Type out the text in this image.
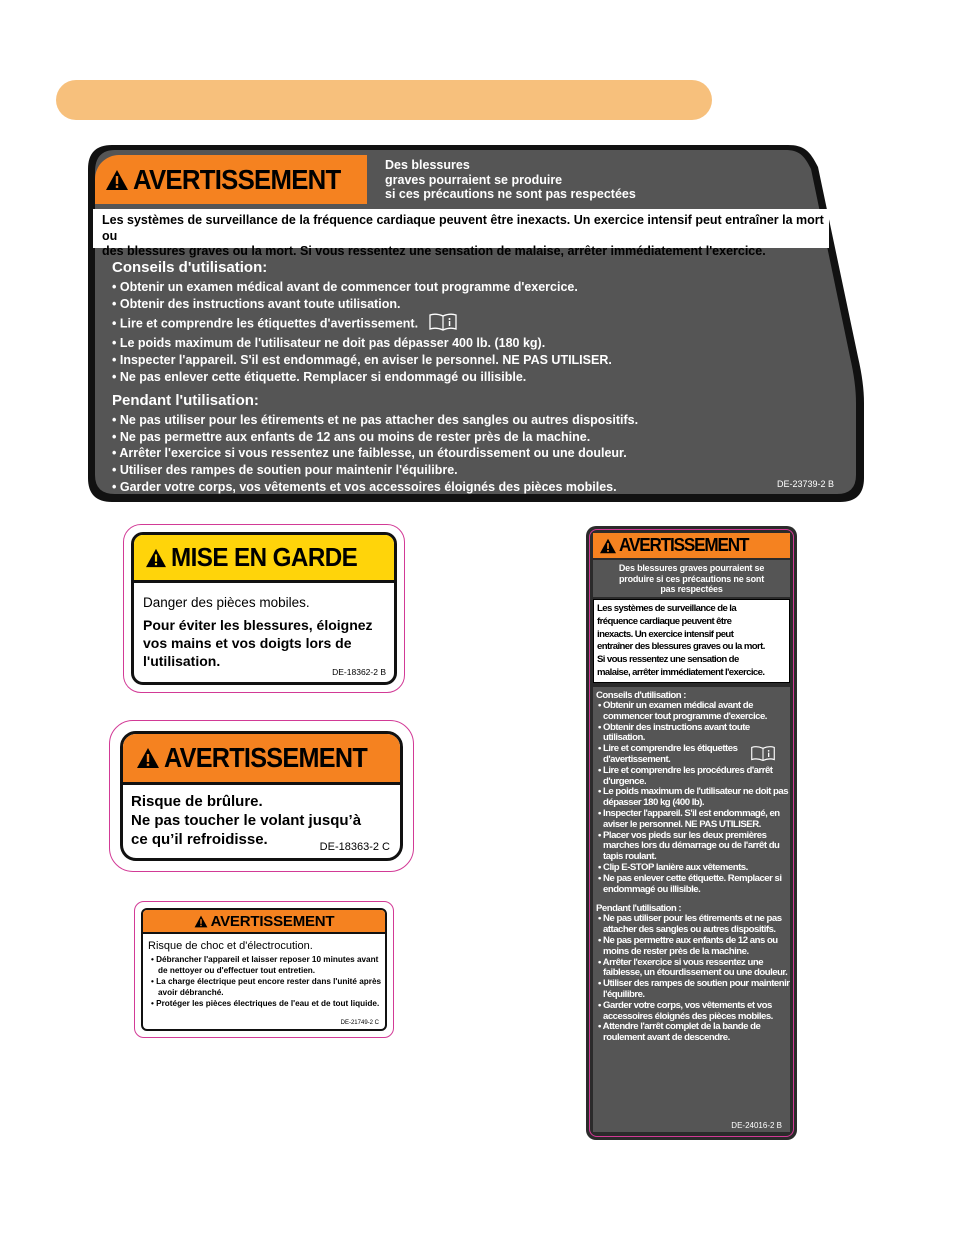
AVERTISSEMENT	Des blessures
graves pourraient se produire
si ces précautions ne sont pas respectées
Les systèmes de surveillance de la fréquence cardiaque peuvent être inexacts. Un exercice intensif peut entraîner la mort ou
des blessures graves ou la mort. Si vous ressentez une sensation de malaise, arrêter immédiatement l'exercice.
Conseils d'utilisation:
• Obtenir un examen médical avant de commencer tout programme d'exercice.
• Obtenir des instructions avant toute utilisation.
• Lire et comprendre les étiquettes d'avertissement.
• Le poids maximum de l'utilisateur ne doit pas dépasser 400 lb. (180 kg).
• Inspecter l'appareil. S'il est endommagé, en aviser le personnel. NE PAS UTILISER.
• Ne pas enlever cette étiquette. Remplacer si endommagé ou illisible.
Pendant l'utilisation:
• Ne pas utiliser pour les étirements et ne pas attacher des sangles ou autres dispositifs.
• Ne pas permettre aux enfants de 12 ans ou moins de rester près de la machine.
• Arrêter l'exercice si vous ressentez une faiblesse, un étourdissement ou une douleur.
• Utiliser des rampes de soutien pour maintenir l'équilibre.
• Garder votre corps, vos vêtements et vos accessoires éloignés des pièces mobiles.	DE-23739-2 B
MISE EN GARDE
Danger des pièces mobiles.
Pour éviter les blessures, éloignez
vos mains et vos doigts lors de
l'utilisation.
DE-18362-2 B
AVERTISSEMENT
Risque de brûlure.
Ne pas toucher le volant jusqu’à
ce qu’il refroidisse.	DE-18363-2 C
AVERTISSEMENT
Risque de choc et d'électrocution.
• Débrancher l'appareil et laisser reposer 10 minutes avant de nettoyer ou d'effectuer tout entretien.
• La charge électrique peut encore rester dans l'unité après avoir débranché.
• Protéger les pièces électriques de l'eau et de tout liquide.
DE-21749-2 C
AVERTISSEMENT
Des blessures graves pourraient se
produire si ces précautions ne sont
pas respectées
Les systèmes de surveillance de la
fréquence cardiaque peuvent être
inexacts. Un exercice intensif peut
entraîner des blessures graves ou la mort.
Si vous ressentez une sensation de
malaise, arrêter immédiatement l'exercice.
Conseils d'utilisation :
• Obtenir un examen médical avant de commencer tout programme d'exercice.
• Obtenir des instructions avant toute utilisation.
• Lire et comprendre les étiquettes d'avertissement.
• Lire et comprendre les procédures d'arrêt d'urgence.
• Le poids maximum de l'utilisateur ne doit pas dépasser 180 kg (400 lb).
• Inspecter l'appareil. S'il est endommagé, en aviser le personnel. NE PAS UTILISER.
• Placer vos pieds sur les deux premières marches lors du démarrage ou de l'arrêt du tapis roulant.
• Clip E-STOP lanière aux vêtements.
• Ne pas enlever cette étiquette. Remplacer si endommagé ou illisible.
Pendant l'utilisation :
• Ne pas utiliser pour les étirements et ne pas attacher des sangles ou autres dispositifs.
• Ne pas permettre aux enfants de 12 ans ou moins de rester près de la machine.
• Arrêter l'exercice si vous ressentez une faiblesse, un étourdissement ou une douleur.
• Utiliser des rampes de soutien pour maintenir l'équilibre.
• Garder votre corps, vos vêtements et vos accessoires éloignés des pièces mobiles.
• Attendre l'arrêt complet de la bande de roulement avant de descendre.
DE-24016-2 B
